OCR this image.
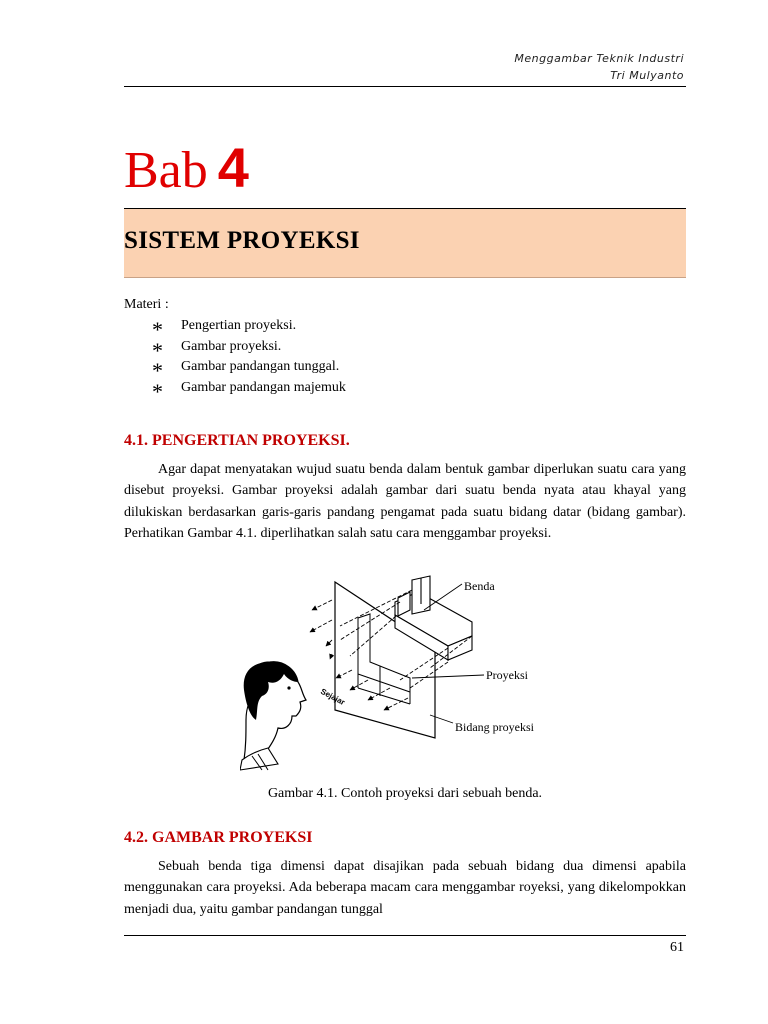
Menggambar Teknik Industri
Tri Mulyanto
Bab 4
SISTEM PROYEKSI
Materi :
*	Pengertian proyeksi.
*	Gambar proyeksi.
*	Gambar pandangan tunggal.
*	Gambar pandangan majemuk
4.1. PENGERTIAN PROYEKSI.

Agar dapat menyatakan wujud suatu benda dalam bentuk gambar diperlukan suatu cara yang disebut proyeksi. Gambar proyeksi adalah gambar dari suatu benda nyata atau khayal yang dilukiskan berdasarkan garis-garis pandang pengamat pada suatu bidang datar (bidang gambar). Perhatikan Gambar 4.1. diperlihatkan salah satu cara menggambar proyeksi.

Sejajar
Benda
Proyeksi
Bidang proyeksi
Gambar 4.1. Contoh proyeksi dari sebuah benda.
4.2. GAMBAR PROYEKSI

Sebuah benda tiga dimensi dapat disajikan pada sebuah bidang dua dimensi apabila menggunakan cara proyeksi. Ada beberapa macam cara menggambar royeksi, yang dikelompokkan menjadi dua, yaitu gambar pandangan tunggal

61
